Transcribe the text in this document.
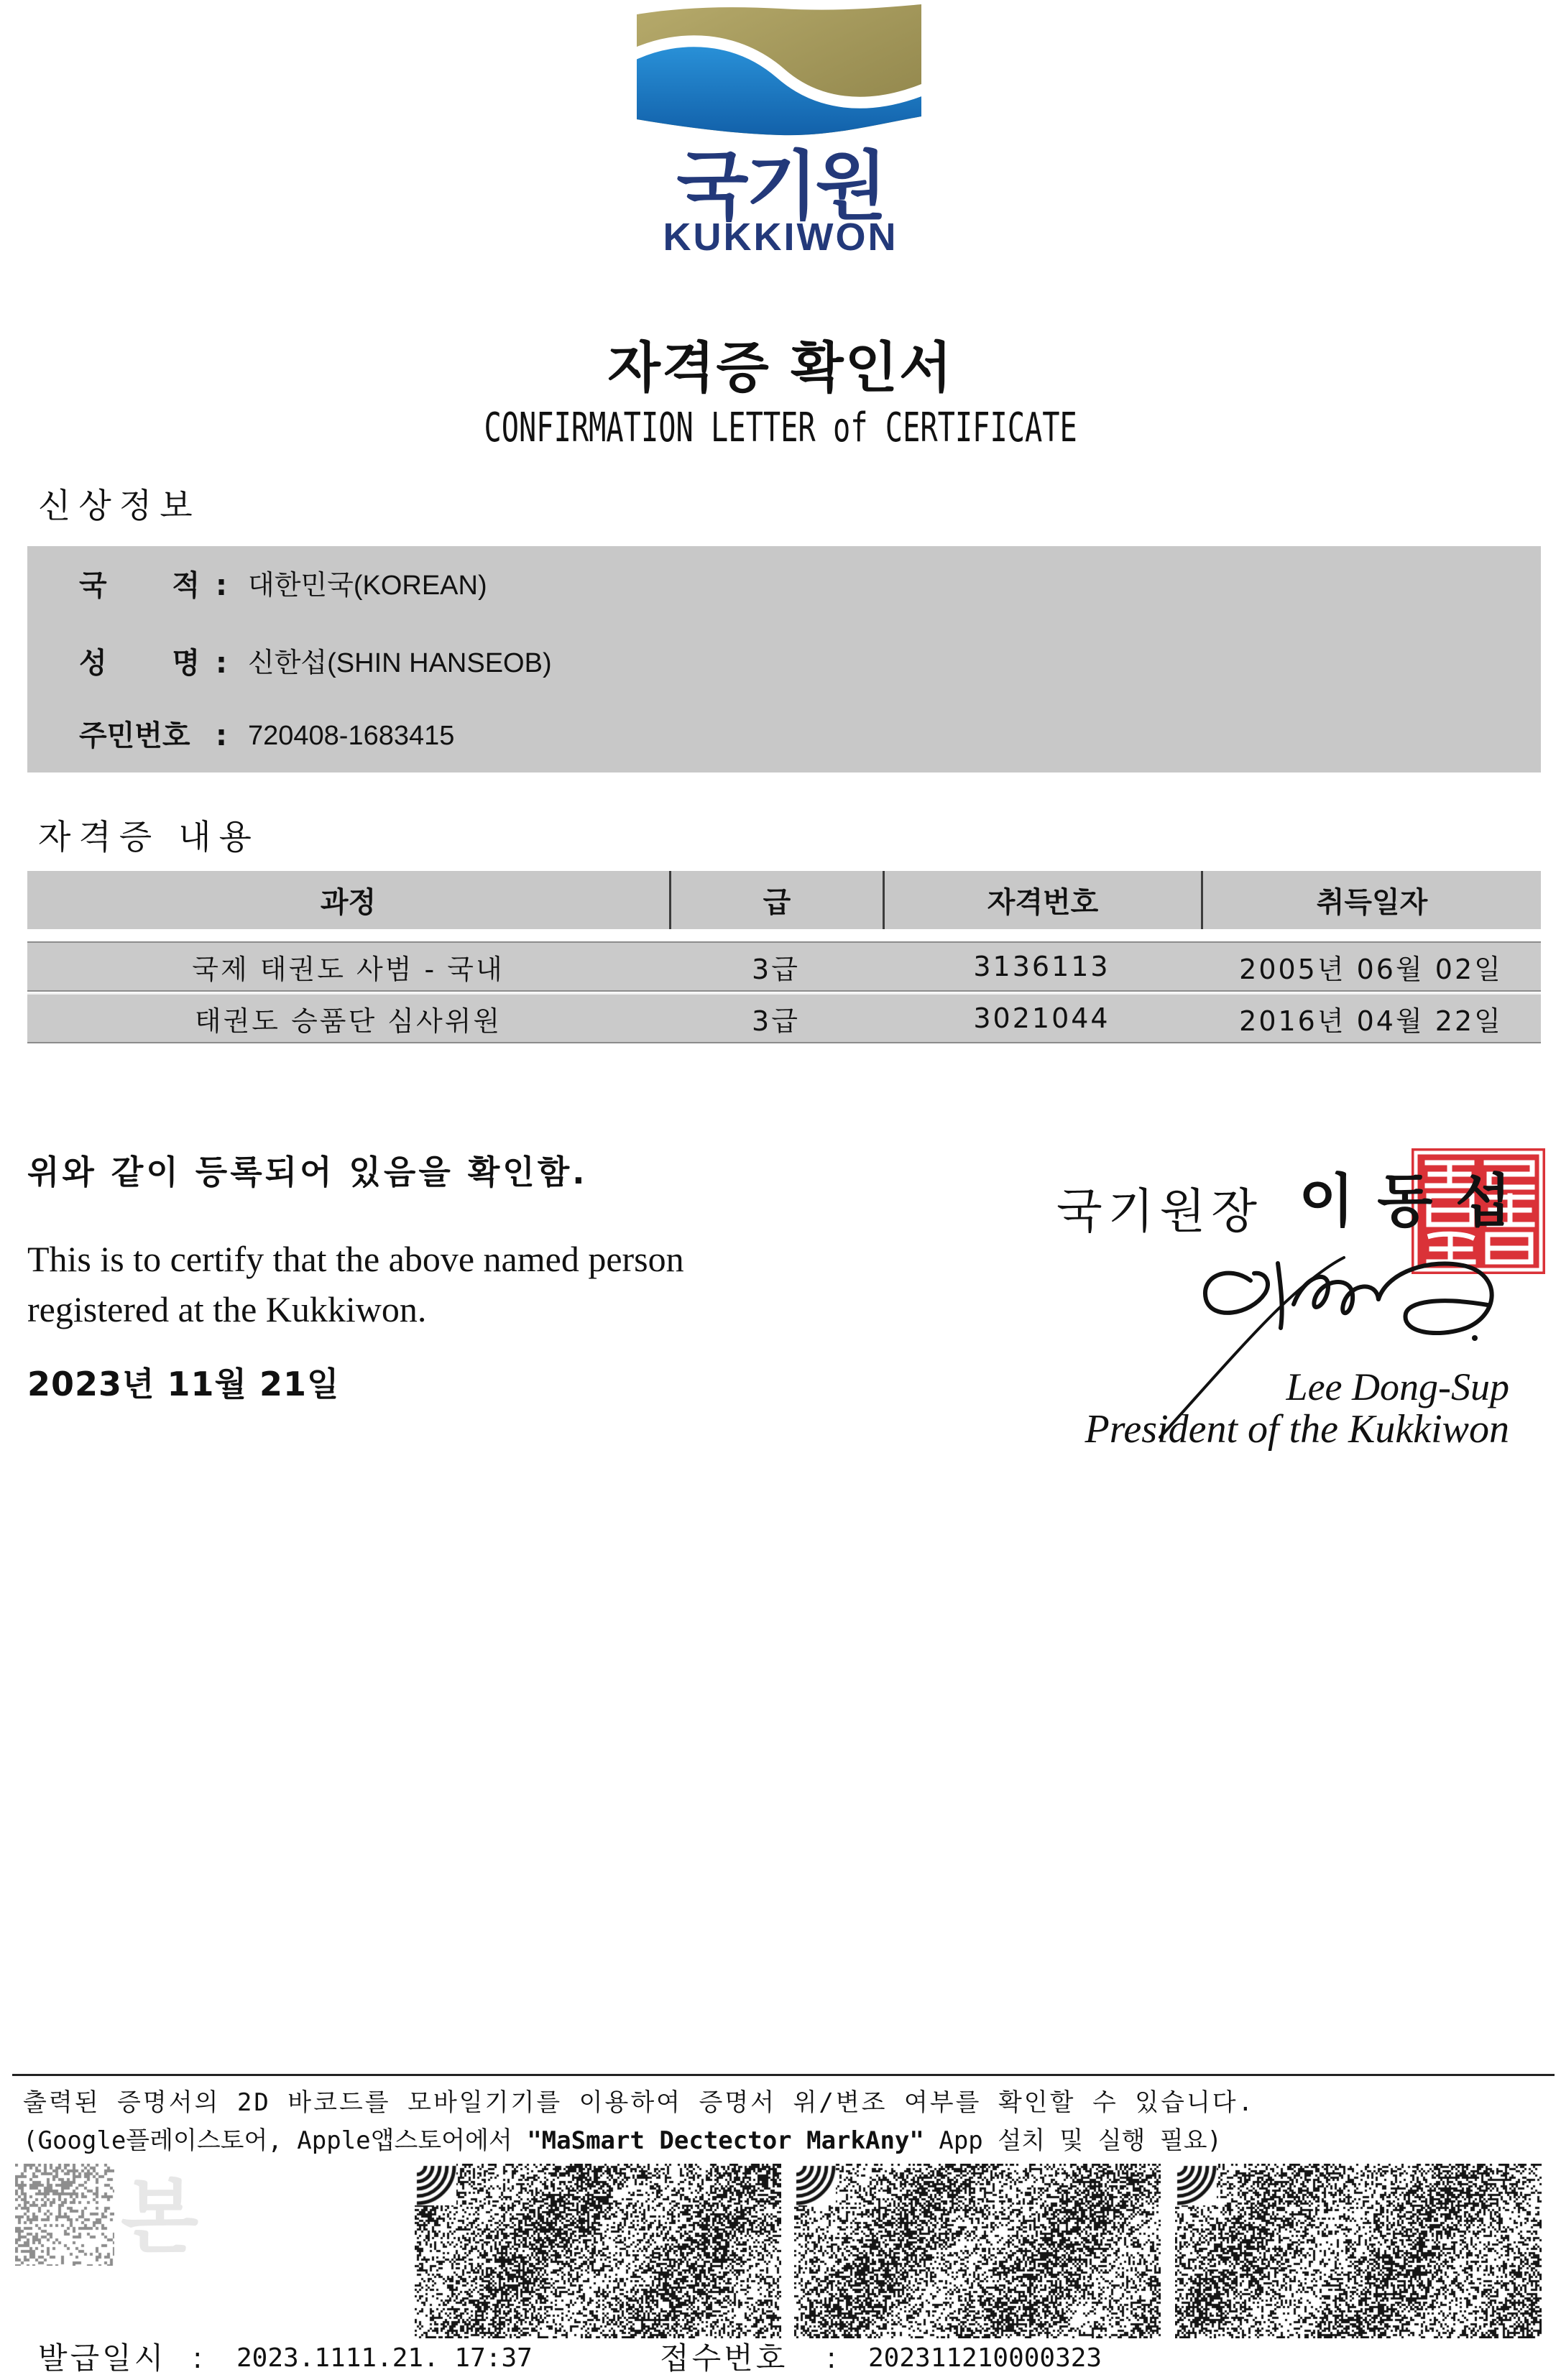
국기원
KUKKIWON
자격증 확인서
CONFIRMATION LETTER of CERTIFICATE
신상정보
국 적 : 대한민국(KOREAN)
성 명 : 신한섭(SHIN HANSEOB)
주민번호 : 720408-1683415
자격증 내용
과정	급	자격번호	취득일자
국제 태권도 사범 - 국내	3급	3136113	2005년 06월 02일
태권도 승품단 심사위원	3급	3021044	2016년 04월 22일
위와 같이 등록되어 있음을 확인함.
This is to certify that the above named person
registered at the Kukkiwon.
2023년 11월 21일
국기원장 이 동 섭
Lee Dong-Sup
President of the Kukkiwon
출력된 증명서의 2D 바코드를 모바일기기를 이용하여 증명서 위/변조 여부를 확인할 수 있습니다.
(Google플레이스토어, Apple앱스토어에서 "MaSmart Dectector MarkAny" App 설치 및 실행 필요)
본
발급일시 : 2023.1111.21. 17:37	접수번호 : 202311210000323
